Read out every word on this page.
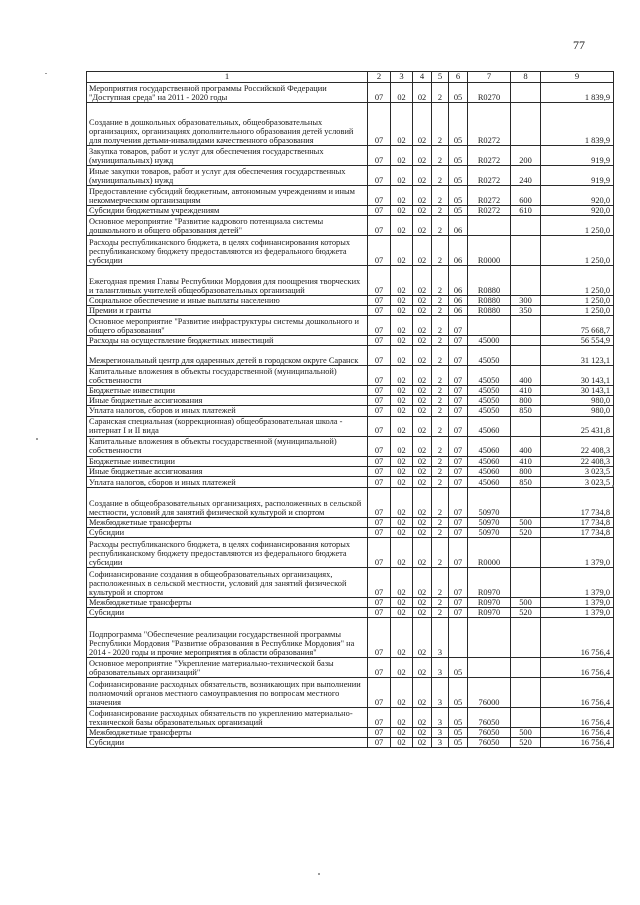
77
1	2	3	4	5	6	7	8	9
Мероприятия государственной программы Российской Федерации "Доступная среда" на 2011 - 2020 годы	07	02	02	2	05	R0270		1 839,9
Создание в дошкольных образовательных, общеобразовательных организациях, организациях дополнительного образования детей условий для получения детьми-инвалидами качественного образования	07	02	02	2	05	R0272		1 839,9
Закупка товаров, работ и услуг для обеспечения государственных (муниципальных) нужд	07	02	02	2	05	R0272	200	919,9
Иные закупки товаров, работ и услуг для обеспечения государственных (муниципальных) нужд	07	02	02	2	05	R0272	240	919,9
Предоставление субсидий бюджетным, автономным учреждениям и иным некоммерческим организациям	07	02	02	2	05	R0272	600	920,0
Субсидии бюджетным учреждениям	07	02	02	2	05	R0272	610	920,0
Основное мероприятие "Развитие кадрового потенциала системы дошкольного и общего образования детей"	07	02	02	2	06			1 250,0
Расходы республиканского бюджета, в целях софинансирования которых республиканскому бюджету предоставляются из федерального бюджета субсидии	07	02	02	2	06	R0000		1 250,0
Ежегодная премия Главы Республики Мордовия для поощрения творческих и талантливых учителей общеобразовательных организаций	07	02	02	2	06	R0880		1 250,0
Социальное обеспечение и иные выплаты населению	07	02	02	2	06	R0880	300	1 250,0
Премии и гранты	07	02	02	2	06	R0880	350	1 250,0
Основное мероприятие "Развитие инфраструктуры системы дошкольного и общего образования"	07	02	02	2	07			75 668,7
Расходы на осуществление бюджетных инвестиций	07	02	02	2	07	45000		56 554,9
Межрегиональный центр для одаренных детей в городском округе Саранск	07	02	02	2	07	45050		31 123,1
Капитальные вложения в объекты государственной (муниципальной) собственности	07	02	02	2	07	45050	400	30 143,1
Бюджетные инвестиции	07	02	02	2	07	45050	410	30 143,1
Иные бюджетные ассигнования	07	02	02	2	07	45050	800	980,0
Уплата налогов, сборов и иных платежей	07	02	02	2	07	45050	850	980,0
Саранская специальная (коррекционная) общеобразовательная школа - интернат I и II вида	07	02	02	2	07	45060		25 431,8
Капитальные вложения в объекты государственной (муниципальной) собственности	07	02	02	2	07	45060	400	22 408,3
Бюджетные инвестиции	07	02	02	2	07	45060	410	22 408,3
Иные бюджетные ассигнования	07	02	02	2	07	45060	800	3 023,5
Уплата налогов, сборов и иных платежей	07	02	02	2	07	45060	850	3 023,5
Создание в общеобразовательных организациях, расположенных в сельской местности, условий для занятий физической культурой и спортом	07	02	02	2	07	50970		17 734,8
Межбюджетные трансферты	07	02	02	2	07	50970	500	17 734,8
Субсидии	07	02	02	2	07	50970	520	17 734,8
Расходы республиканского бюджета, в целях софинансирования которых республиканскому бюджету предоставляются из федерального бюджета субсидии	07	02	02	2	07	R0000		1 379,0
Софинансирование создания в общеобразовательных организациях, расположенных в сельской местности, условий для занятий физической культурой и спортом	07	02	02	2	07	R0970		1 379,0
Межбюджетные трансферты	07	02	02	2	07	R0970	500	1 379,0
Субсидии	07	02	02	2	07	R0970	520	1 379,0
Подпрограмма "Обеспечение реализации государственной программы Республики Мордовия "Развитие образования в Республике Мордовия" на 2014 - 2020 годы и прочие мероприятия в области образования"	07	02	02	3				16 756,4
Основное мероприятие "Укрепление материально-технической базы образовательных организаций"	07	02	02	3	05			16 756,4
Софинансирование расходных обязательств, возникающих при выполнении полномочий органов местного самоуправления по вопросам местного значения	07	02	02	3	05	76000		16 756,4
Софинансирование расходных обязательств по укреплению материально-технической базы образовательных организаций	07	02	02	3	05	76050		16 756,4
Межбюджетные трансферты	07	02	02	3	05	76050	500	16 756,4
Субсидии	07	02	02	3	05	76050	520	16 756,4
